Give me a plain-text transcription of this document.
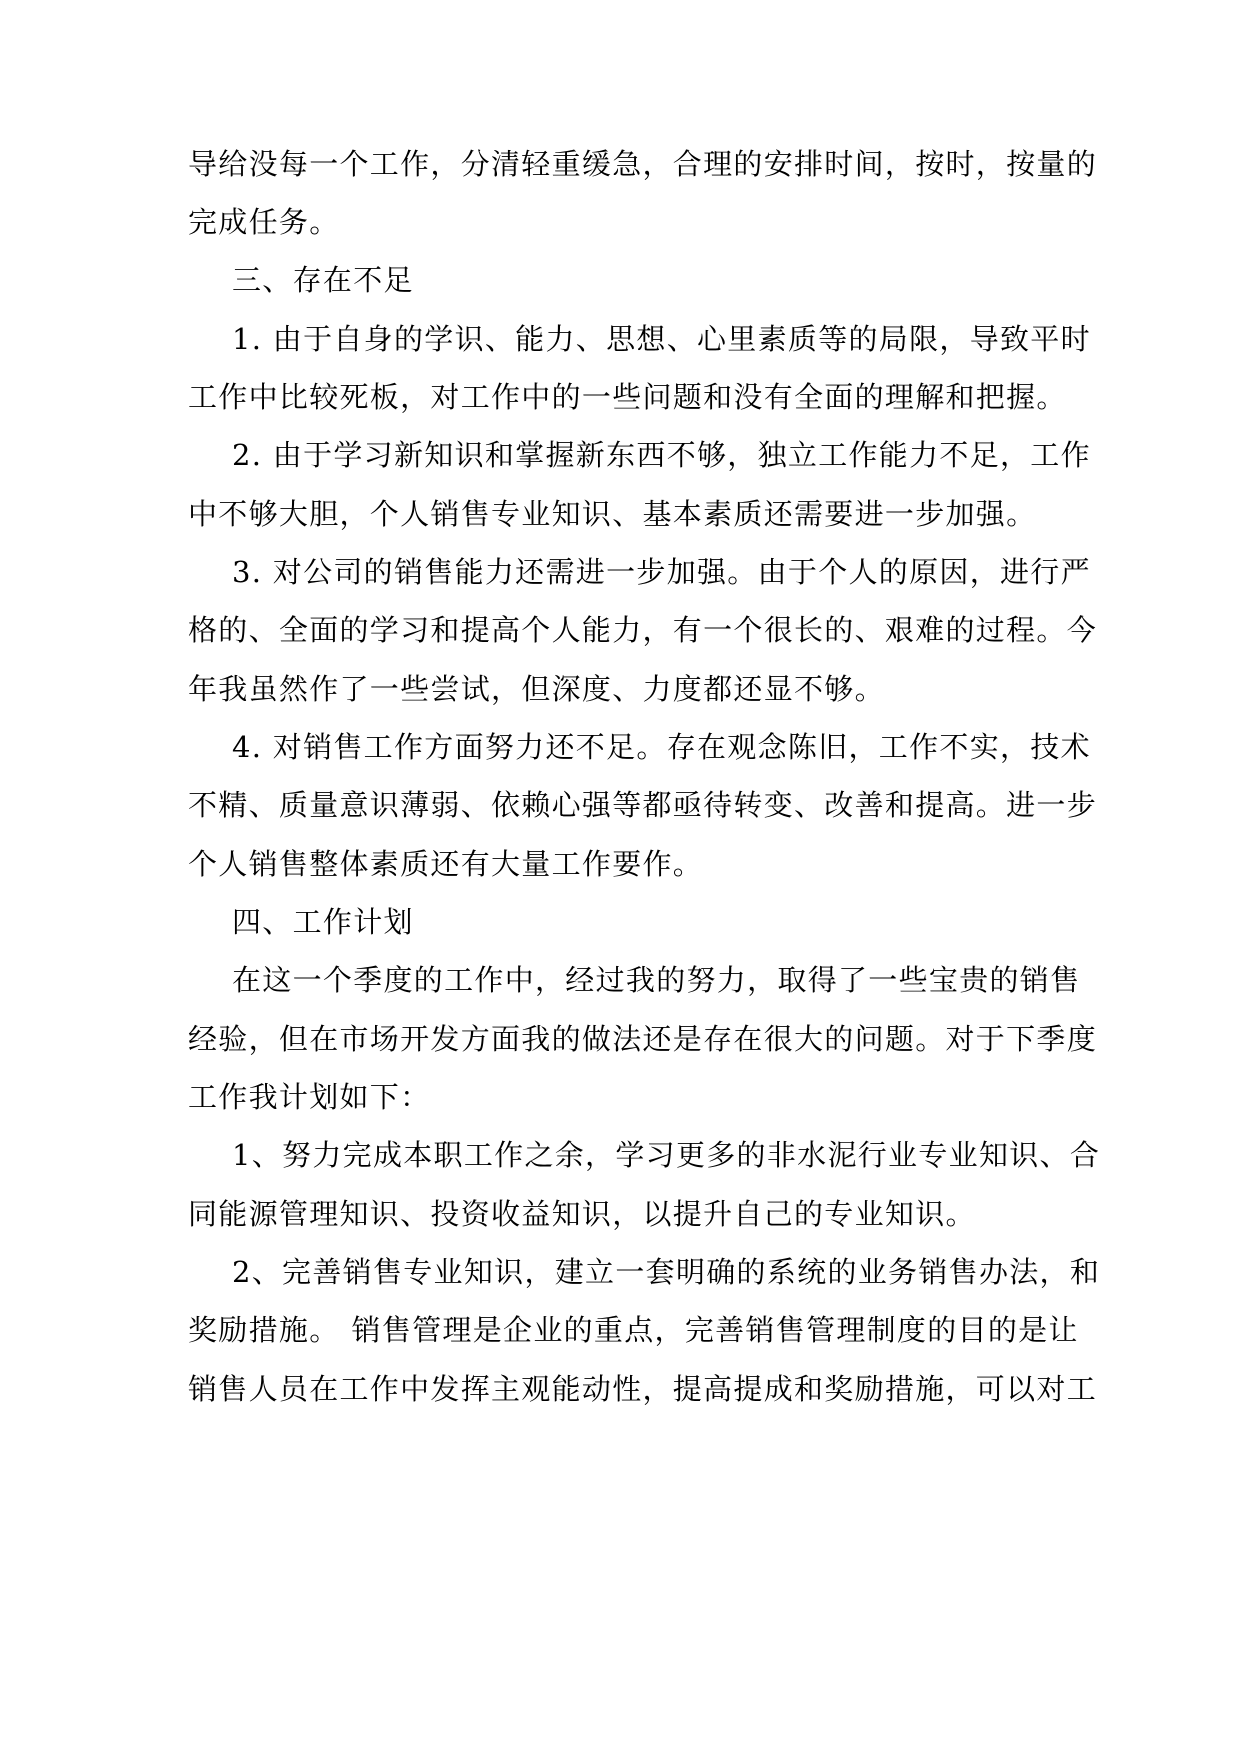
导给没每一个工作，分清轻重缓急，合理的安排时间，按时，按量的
完成任务。
三、存在不足
1. 由于自身的学识、能力、思想、心里素质等的局限，导致平时
工作中比较死板，对工作中的一些问题和没有全面的理解和把握。
2. 由于学习新知识和掌握新东西不够，独立工作能力不足，工作
中不够大胆，个人销售专业知识、基本素质还需要进一步加强。
3. 对公司的销售能力还需进一步加强。由于个人的原因，进行严
格的、全面的学习和提高个人能力，有一个很长的、艰难的过程。今
年我虽然作了一些尝试，但深度、力度都还显不够。
4. 对销售工作方面努力还不足。存在观念陈旧，工作不实，技术
不精、质量意识薄弱、依赖心强等都亟待转变、改善和提高。进一步
个人销售整体素质还有大量工作要作。
四、工作计划
在这一个季度的工作中，经过我的努力，取得了一些宝贵的销售
经验，但在市场开发方面我的做法还是存在很大的问题。对于下季度
工作我计划如下：
1、努力完成本职工作之余，学习更多的非水泥行业专业知识、合
同能源管理知识、投资收益知识，以提升自己的专业知识。
2、完善销售专业知识，建立一套明确的系统的业务销售办法，和
奖励措施。 销售管理是企业的重点，完善销售管理制度的目的是让
销售人员在工作中发挥主观能动性，提高提成和奖励措施，可以对工
